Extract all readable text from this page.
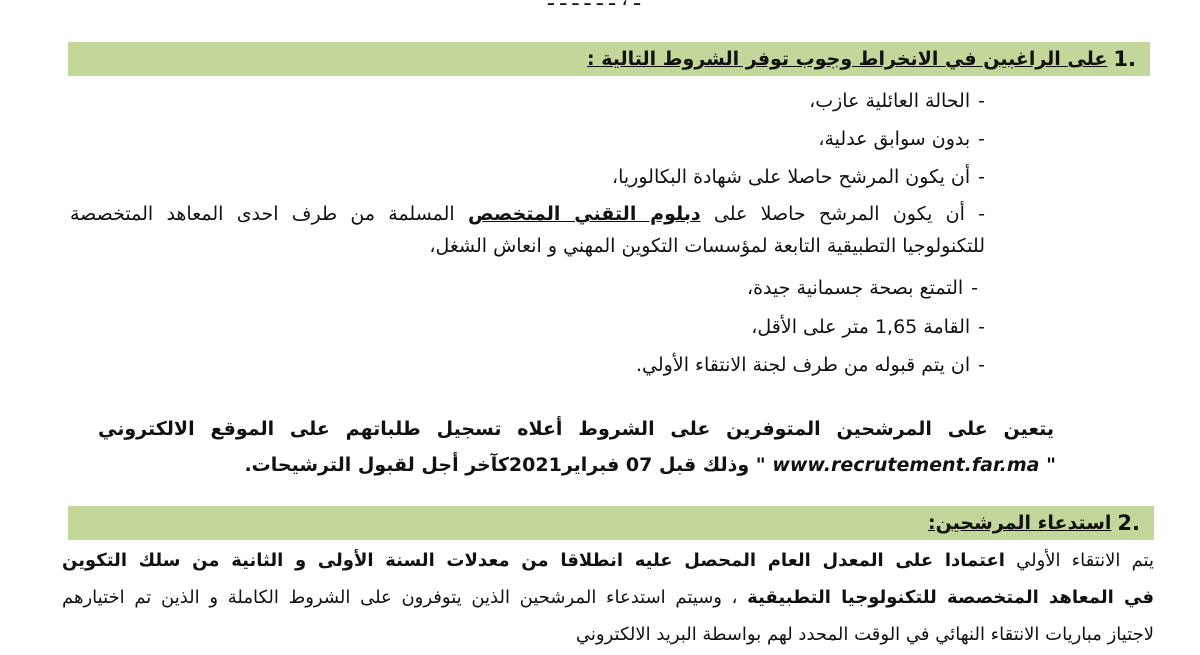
.1
على الراغبين في الانخراط وجوب توفر الشروط التالية :
-الحالة العائلية عازب،
-بدون سوابق عدلية،
-أن يكون المرشح حاصلا على شهادة البكالوريا،
- أن يكون المرشح حاصلا على دبلوم التقني المتخصص المسلمة من طرف احدى المعاهد المتخصصة
للتكنولوجيا التطبيقية التابعة لمؤسسات التكوين المهني و انعاش الشغل،
-التمتع بصحة جسمانية جيدة،
-القامة 1,65 متر على الأقل،
-ان يتم قبوله من طرف لجنة الانتقاء الأولي.
يتعين على المرشحين المتوفرين على الشروط أعلاه تسجيل طلباتهم على الموقع الالكتروني
" www.recrutement.far.ma " وذلك قبل 07 فبراير2021كآخر أجل لقبول الترشيحات.
.2
استدعاء المرشحين:
يتم الانتقاء الأولي اعتمادا على المعدل العام المحصل عليه انطلاقا من معدلات السنة الأولى و الثانية من سلك التكوين
في المعاهد المتخصصة للتكنولوجيا التطبيقية ، وسيتم استدعاء المرشحين الذين يتوفرون على الشروط الكاملة و الذين تم اختيارهم
لاجتياز مباريات الانتقاء النهائي في الوقت المحدد لهم بواسطة البريد الالكتروني
